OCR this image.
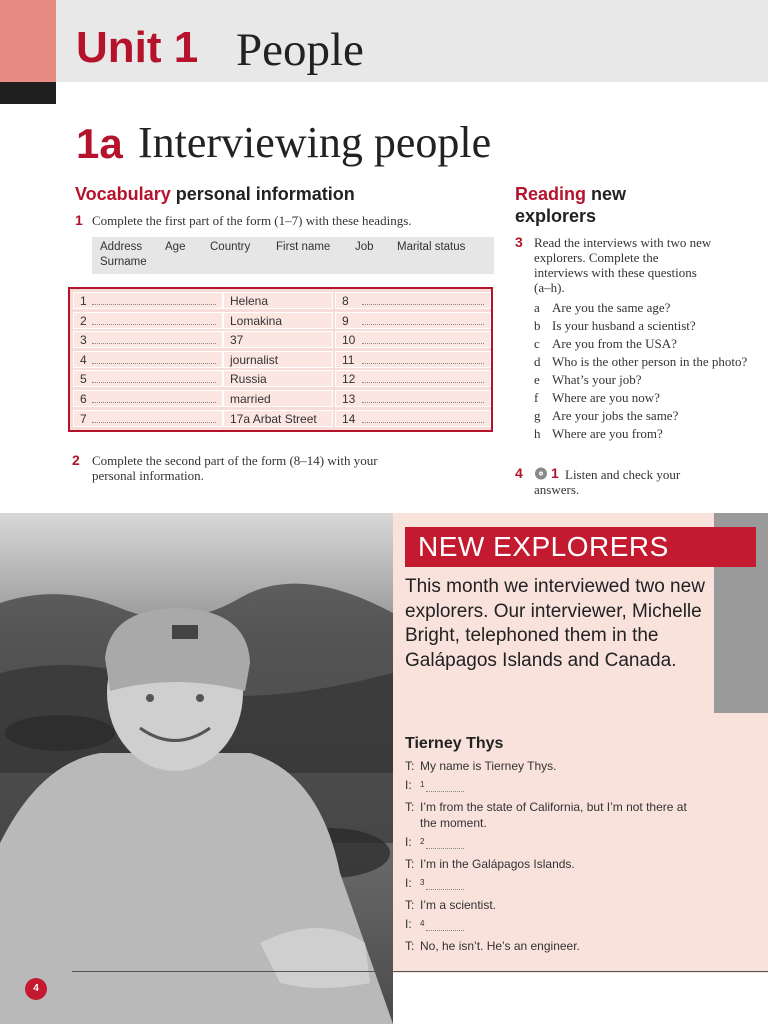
Unit 1 People
1a Interviewing people
Vocabulary personal information
1 Complete the first part of the form (1–7) with these headings.
Address Age Country First name Job Marital status
Surname
1	Helena	8
2	Lomakina	9
3	37	10
4	journalist	11
5	Russia	12
6	married	13
7	17a Arbat Street 14
2 Complete the second part of the form (8–14) with your personal information.
Reading new
explorers
3 Read the interviews with two new explorers. Complete the interviews with these questions (a–h).
a Are you the same age?
b Is your husband a scientist?
c Are you from the USA?
d Who is the other person in the photo?
e What’s your job?
f Where are you now?
g Are your jobs the same?
h Where are you from?
4 1 Listen and check your answers.
NEW EXPLORERS
This month we interviewed two new explorers. Our interviewer, Michelle Bright, telephoned them in the Galápagos Islands and Canada.
Tierney Thys
T: My name is Tierney Thys.
I: $^1$
T: I’m from the state of California, but I’m not there at the moment.
I: $^2$
T: I’m in the Galápagos Islands.
I: $^3$
T: I’m a scientist.
I: $^4$
T: No, he isn’t. He’s an engineer.
4
